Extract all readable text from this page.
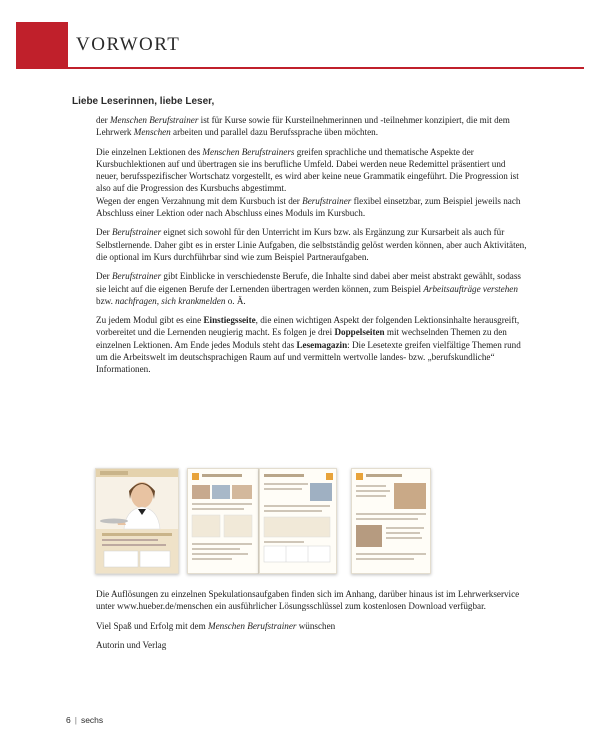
VORWORT

Liebe Leserinnen, liebe Leser,

der Menschen Berufstrainer ist für Kurse sowie für Kursteilnehmerinnen und -teilnehmer konzipiert, die mit dem Lehrwerk Menschen arbeiten und parallel dazu Berufssprache üben möchten.

Die einzelnen Lektionen des Menschen Berufstrainers greifen sprachliche und thematische Aspekte der Kursbuchlektionen auf und übertragen sie ins berufliche Umfeld. Dabei werden neue Redemittel präsentiert und neuer, berufsspezifischer Wortschatz vorgestellt, es wird aber keine neue Grammatik eingeführt. Die Progression ist also auf die Progression des Kursbuchs abgestimmt.
Wegen der engen Verzahnung mit dem Kursbuch ist der Berufstrainer flexibel einsetzbar, zum Beispiel jeweils nach Abschluss einer Lektion oder nach Abschluss eines Moduls im Kursbuch.

Der Berufstrainer eignet sich sowohl für den Unterricht im Kurs bzw. als Ergänzung zur Kursarbeit als auch für Selbstlernende. Daher gibt es in erster Linie Aufgaben, die selbstständig gelöst werden können, aber auch Aktivitäten, die optional im Kurs durchführbar sind wie zum Beispiel Partneraufgaben.

Der Berufstrainer gibt Einblicke in verschiedenste Berufe, die Inhalte sind dabei aber meist abstrakt gewählt, sodass sie leicht auf die eigenen Berufe der Lernenden übertragen werden können, zum Beispiel Arbeitsaufträge verstehen bzw. nachfragen, sich krankmelden o. Ä.

Zu jedem Modul gibt es eine Einstiegsseite, die einen wichtigen Aspekt der folgenden Lektionsinhalte herausgreift, vorbereitet und die Lernenden neugierig macht. Es folgen je drei Doppelseiten mit wechselnden Themen zu den einzelnen Lektionen. Am Ende jedes Moduls steht das Lesemagazin: Die Lesetexte greifen vielfältige Themen rund um die Arbeitswelt im deutschsprachigen Raum auf und vermitteln wertvolle landes- bzw. „berufskundliche“ Informationen.

Die Auflösungen zu einzelnen Spekulationsaufgaben finden sich im Anhang, darüber hinaus ist im Lehrwerkservice unter www.hueber.de/menschen ein ausführlicher Lösungsschlüssel zum kostenlosen Download verfügbar.

Viel Spaß und Erfolg mit dem Menschen Berufstrainer wünschen

Autorin und Verlag

6 | sechs
